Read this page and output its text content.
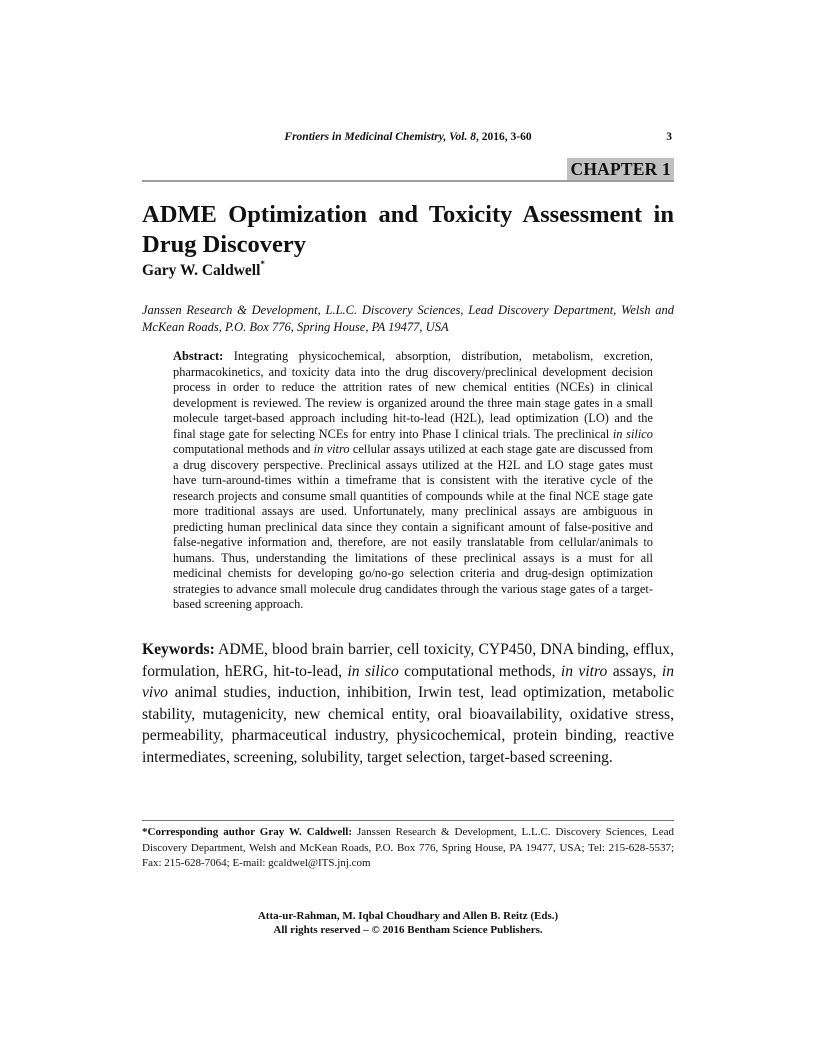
Frontiers in Medicinal Chemistry, Vol. 8, 2016, 3-60	3
CHAPTER 1
ADME Optimization and Toxicity Assessment in
Drug Discovery
Gary W. Caldwell*
Janssen Research & Development, L.L.C. Discovery Sciences, Lead Discovery Department, Welsh and McKean Roads, P.O. Box 776, Spring House, PA 19477, USA
Abstract: Integrating physicochemical, absorption, distribution, metabolism, excretion, pharmacokinetics, and toxicity data into the drug discovery/preclinical development decision process in order to reduce the attrition rates of new chemical entities (NCEs) in clinical development is reviewed. The review is organized around the three main stage gates in a small molecule target-based approach including hit-to-lead (H2L), lead optimization (LO) and the final stage gate for selecting NCEs for entry into Phase I clinical trials. The preclinical in silico computational methods and in vitro cellular assays utilized at each stage gate are discussed from a drug discovery perspective. Preclinical assays utilized at the H2L and LO stage gates must have turn-around-times within a timeframe that is consistent with the iterative cycle of the research projects and consume small quantities of compounds while at the final NCE stage gate more traditional assays are used. Unfortunately, many preclinical assays are ambiguous in predicting human preclinical data since they contain a significant amount of false-positive and false-negative information and, therefore, are not easily translatable from cellular/animals to humans. Thus, understanding the limitations of these preclinical assays is a must for all medicinal chemists for developing go/no-go selection criteria and drug-design optimization strategies to advance small molecule drug candidates through the various stage gates of a target-based screening approach.
Keywords: ADME, blood brain barrier, cell toxicity, CYP450, DNA binding, efflux, formulation, hERG, hit-to-lead, in silico computational methods, in vitro assays, in vivo animal studies, induction, inhibition, Irwin test, lead optimization, metabolic stability, mutagenicity, new chemical entity, oral bioavailability, oxidative stress, permeability, pharmaceutical industry, physicochemical, protein binding, reactive intermediates, screening, solubility, target selection, target-based screening.
*Corresponding author Gray W. Caldwell: Janssen Research & Development, L.L.C. Discovery Sciences, Lead Discovery Department, Welsh and McKean Roads, P.O. Box 776, Spring House, PA 19477, USA; Tel: 215-628-5537; Fax: 215-628-7064; E-mail: gcaldwel@ITS.jnj.com
Atta-ur-Rahman, M. Iqbal Choudhary and Allen B. Reitz (Eds.)
All rights reserved – © 2016 Bentham Science Publishers.
